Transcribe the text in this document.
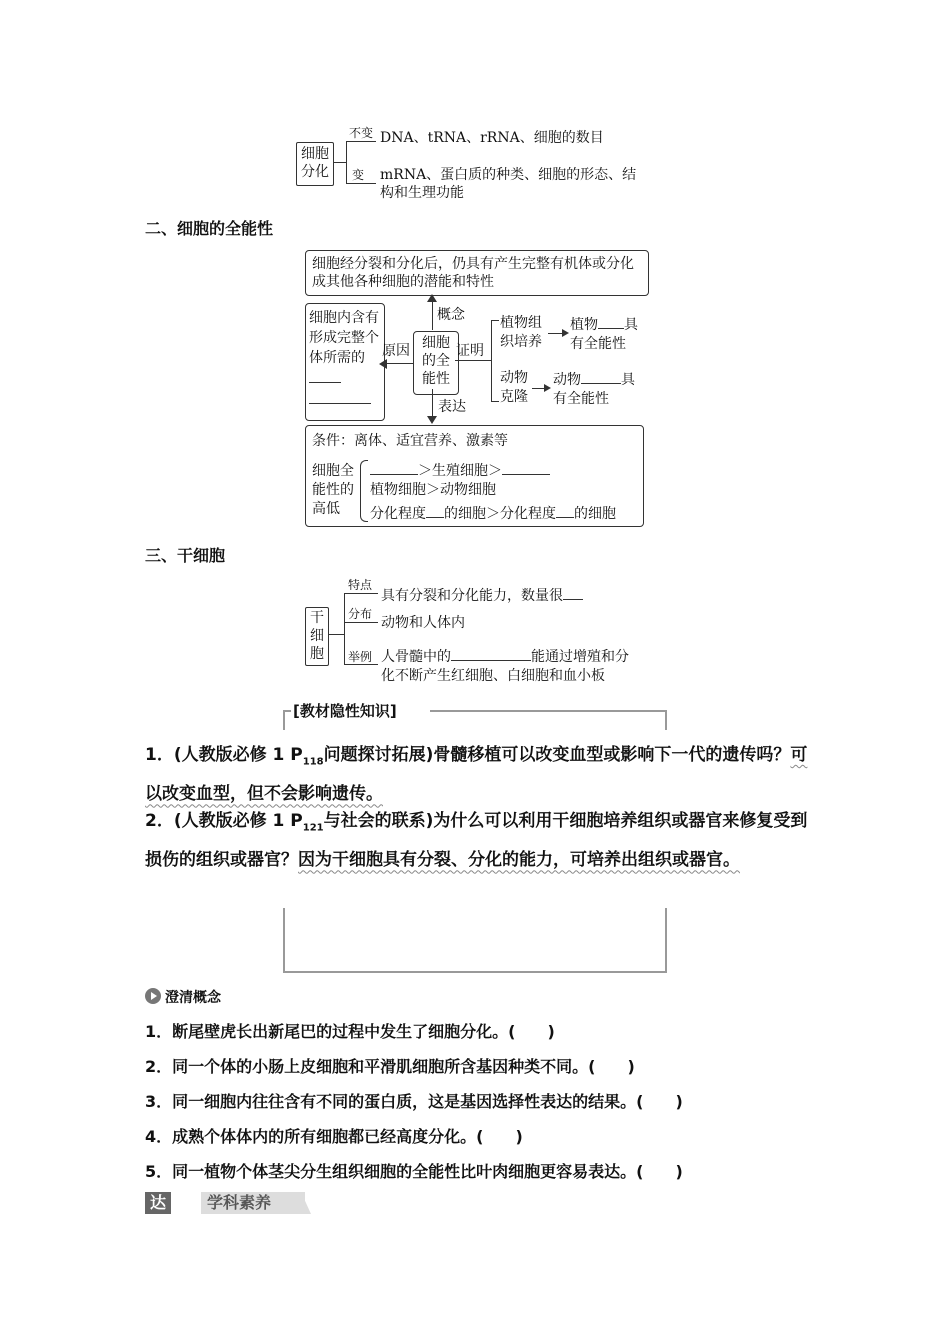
细胞
分化
不变 DNA、tRNA、rRNA、细胞的数目
变 mRNA、蛋白质的种类、细胞的形态、结
构和生理功能
二、细胞的全能性
细胞经分裂和分化后，仍具有产生完整有机体或分化成其他各种细胞的潜能和特性
概念
细胞内含有形成完整个体所需的	原因 细胞的全能性
证明
植物组织培养
植物 具
有全能性
动物克隆
动物	具
有全能性
表达
条件：离体、适宜营养、激素等
细胞全能性的高低
＞生殖细胞＞
植物细胞＞动物细胞
分化程度 的细胞＞分化程度 的细胞
三、干细胞
干细胞
特点
分布
举例
具有分裂和分化能力，数量很
动物和人体内
人骨髓中的	能通过增殖和分
化不断产生红细胞、白细胞和血小板
[教材隐性知识]
1．(人教版必修 1 $P_{118}$问题探讨拓展)骨髓移植可以改变血型或影响下一代的遗传吗？可以改变血型，但不会影响遗传。
2．(人教版必修 1 $P_{121}$与社会的联系)为什么可以利用干细胞培养组织或器官来修复受到损伤的组织或器官？因为干细胞具有分裂、分化的能力，可培养出组织或器官。
澄清概念
1．断尾壁虎长出新尾巴的过程中发生了细胞分化。(　　)
2．同一个体的小肠上皮细胞和平滑肌细胞所含基因种类不同。(　　)
3．同一细胞内往往含有不同的蛋白质，这是基因选择性表达的结果。(　　)
4．成熟个体体内的所有细胞都已经高度分化。(　　)
5．同一植物个体茎尖分生组织细胞的全能性比叶肉细胞更容易表达。(　　)
达成
学科素养
